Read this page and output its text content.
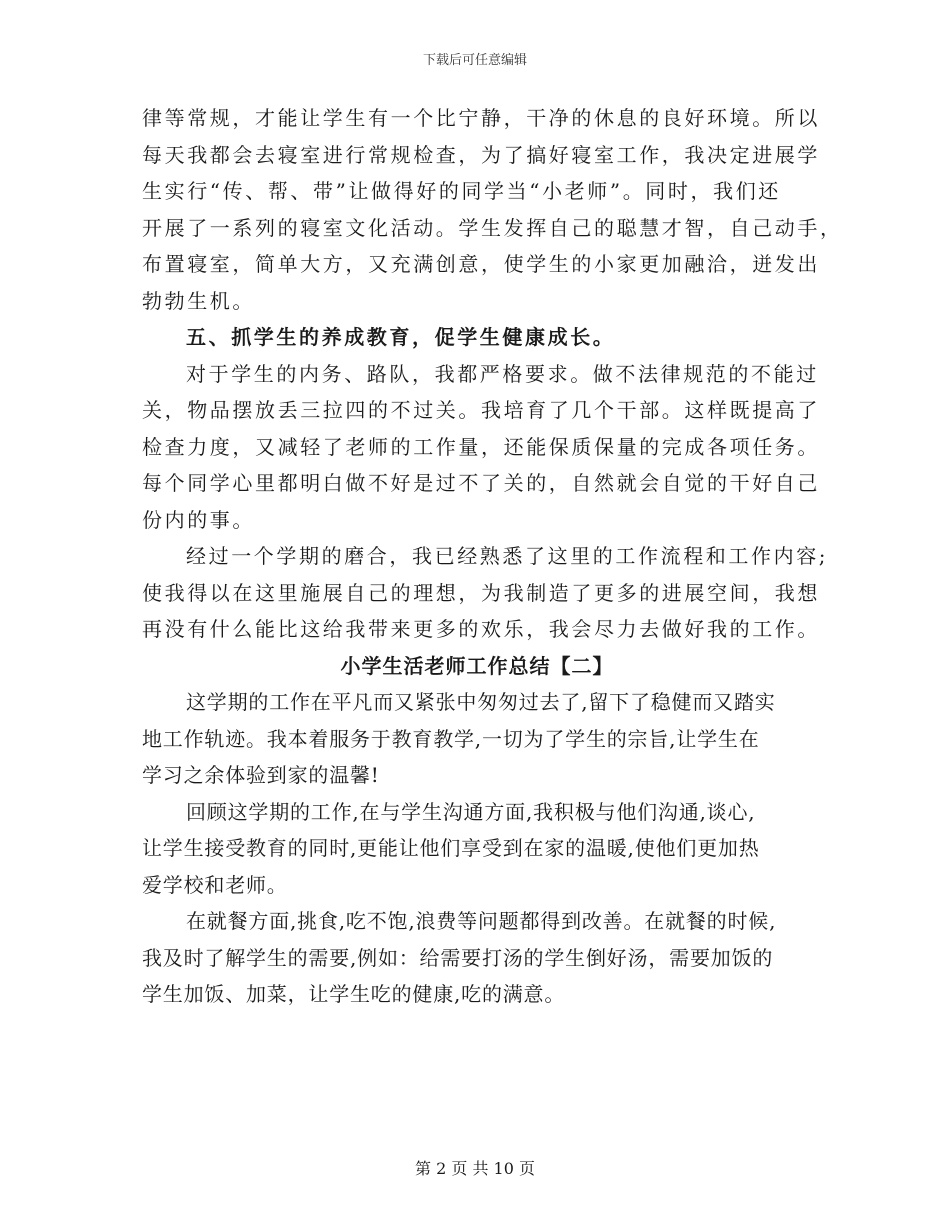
下载后可任意编辑
律等常规，才能让学生有一个比宁静，干净的休息的良好环境。所以
每天我都会去寝室进行常规检查，为了搞好寝室工作，我决定进展学
生实行“传、帮、带”让做得好的同学当“小老师”。同时，我们还
开展了一系列的寝室文化活动。学生发挥自己的聪慧才智，自己动手，
布置寝室，简单大方，又充满创意，使学生的小家更加融洽，迸发出
勃勃生机。
五、抓学生的养成教育，促学生健康成长。
对于学生的内务、路队，我都严格要求。做不法律规范的不能过
关，物品摆放丢三拉四的不过关。我培育了几个干部。这样既提高了
检查力度，又减轻了老师的工作量，还能保质保量的完成各项任务。
每个同学心里都明白做不好是过不了关的，自然就会自觉的干好自己
份内的事。
经过一个学期的磨合，我已经熟悉了这里的工作流程和工作内容;
使我得以在这里施展自己的理想，为我制造了更多的进展空间，我想
再没有什么能比这给我带来更多的欢乐，我会尽力去做好我的工作。
小学生活老师工作总结【二】
这学期的工作在平凡而又紧张中匆匆过去了,留下了稳健而又踏实
地工作轨迹。我本着服务于教育教学,一切为了学生的宗旨,让学生在
学习之余体验到家的温馨!
回顾这学期的工作,在与学生沟通方面,我积极与他们沟通,谈心,
让学生接受教育的同时,更能让他们享受到在家的温暖,使他们更加热
爱学校和老师。
在就餐方面,挑食,吃不饱,浪费等问题都得到改善。在就餐的时候,
我及时了解学生的需要,例如：给需要打汤的学生倒好汤，需要加饭的
学生加饭、加菜，让学生吃的健康,吃的满意。
第 2 页 共 10 页
